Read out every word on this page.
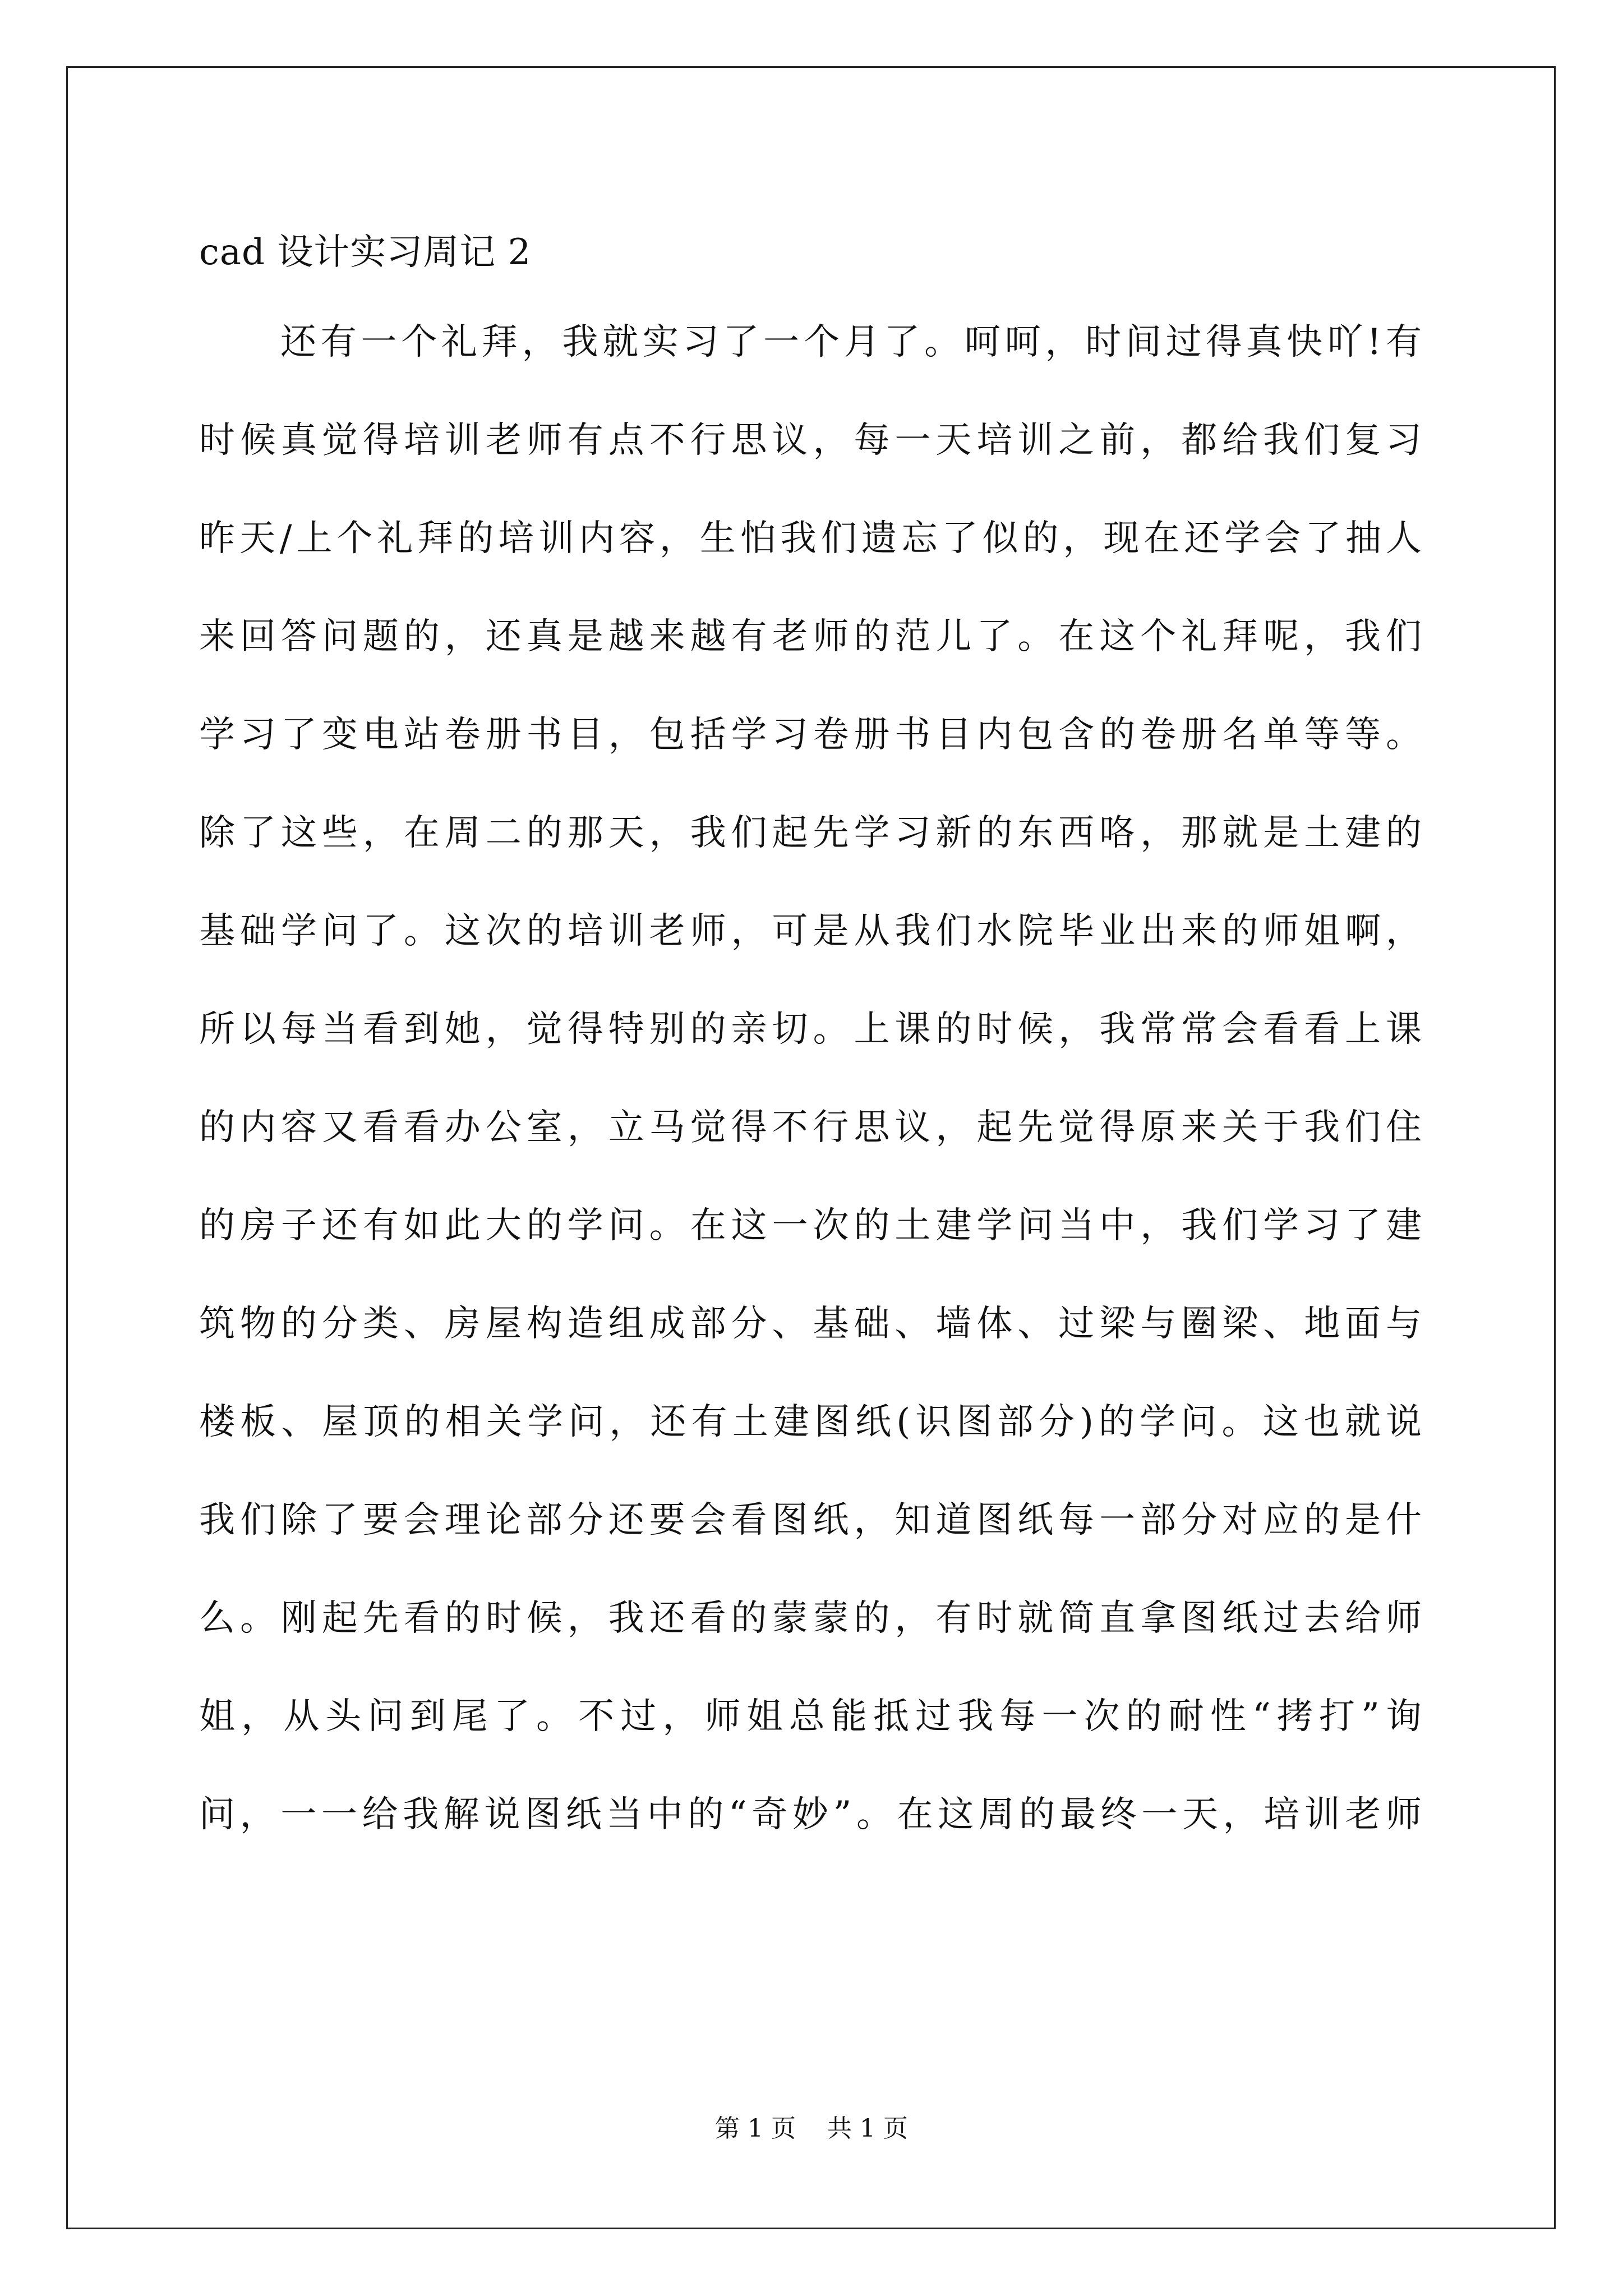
cad 设计实习周记 2
还有一个礼拜，我就实习了一个月了。呵呵，时间过得真快吖!有
时候真觉得培训老师有点不行思议，每一天培训之前，都给我们复习
昨天/上个礼拜的培训内容，生怕我们遗忘了似的，现在还学会了抽人
来回答问题的，还真是越来越有老师的范儿了。在这个礼拜呢，我们
学习了变电站卷册书目，包括学习卷册书目内包含的卷册名单等等。
除了这些，在周二的那天，我们起先学习新的东西咯，那就是土建的
基础学问了。这次的培训老师，可是从我们水院毕业出来的师姐啊，
所以每当看到她，觉得特别的亲切。上课的时候，我常常会看看上课
的内容又看看办公室，立马觉得不行思议，起先觉得原来关于我们住
的房子还有如此大的学问。在这一次的土建学问当中，我们学习了建
筑物的分类、房屋构造组成部分、基础、墙体、过梁与圈梁、地面与
楼板、屋顶的相关学问，还有土建图纸(识图部分)的学问。这也就说
我们除了要会理论部分还要会看图纸，知道图纸每一部分对应的是什
么。刚起先看的时候，我还看的蒙蒙的，有时就简直拿图纸过去给师
姐，从头问到尾了。不过，师姐总能抵过我每一次的耐性“拷打”询
问，一一给我解说图纸当中的“奇妙”。在这周的最终一天，培训老师
第 1 页    共 1 页
